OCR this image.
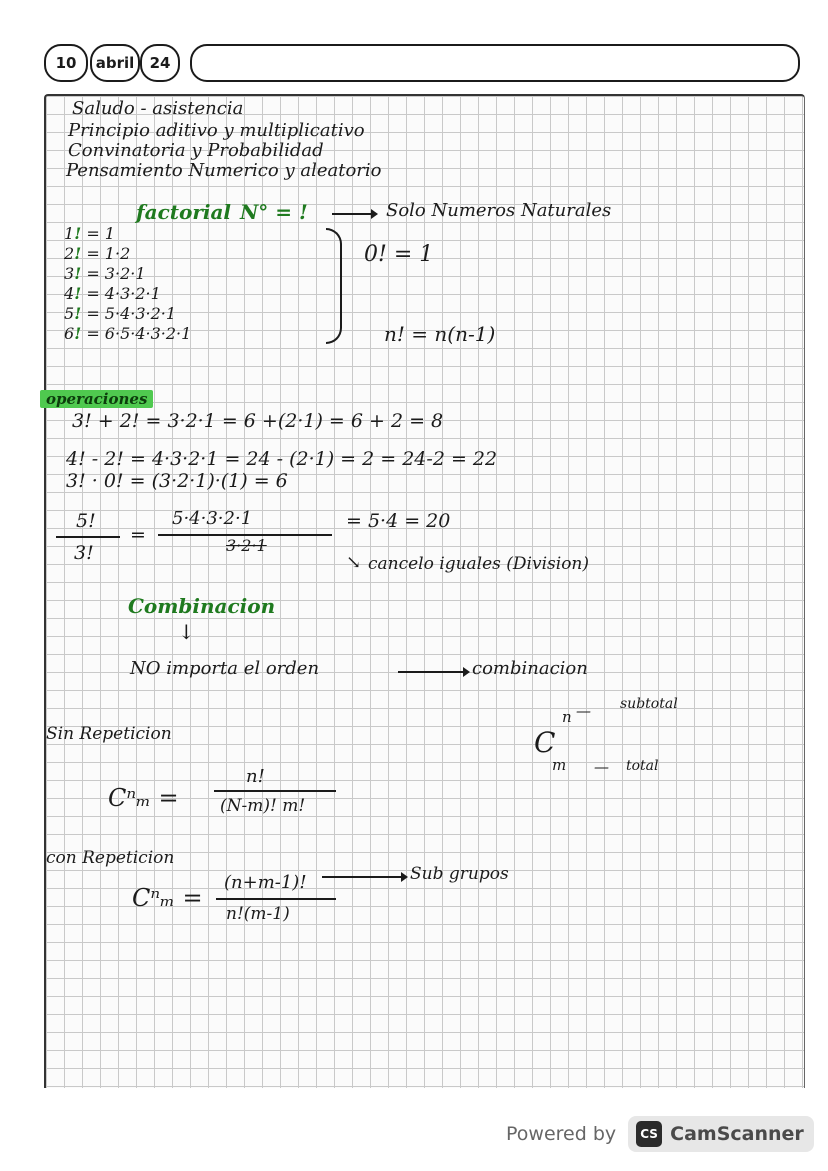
10	abril	24
Saludo - asistencia
Principio aditivo y multiplicativo
Convinatoria y Probabilidad
Pensamiento Numerico y aleatorio
factorial N° = !	Solo Numeros Naturales
1! = 1
2! = 1·2
3! = 3·2·1
4! = 4·3·2·1
5! = 5·4·3·2·1
6! = 6·5·4·3·2·1
0! = 1
n! = n(n-1)
operaciones
3! + 2! = 3·2·1 = 6 +(2·1) = 6 + 2 = 8
4! - 2! = 4·3·2·1 = 24 - (2·1) = 2 = 24-2 = 22
3! · 0! = (3·2·1)·(1) = 6
5!
3!
=
5·4·3·2·1
3·2·1
= 5·4 = 20
↘ cancelo iguales (Division)
Combinacion
↓
NO importa el orden	combinacion
C
n — subtotal
m — total
Sin Repeticion
Cⁿₘ =
n!
(N-m)! m!
con Repeticion
Cⁿₘ =
(n+m-1)!
n!(m-1)
Sub grupos
Powered by	CS CamScanner
